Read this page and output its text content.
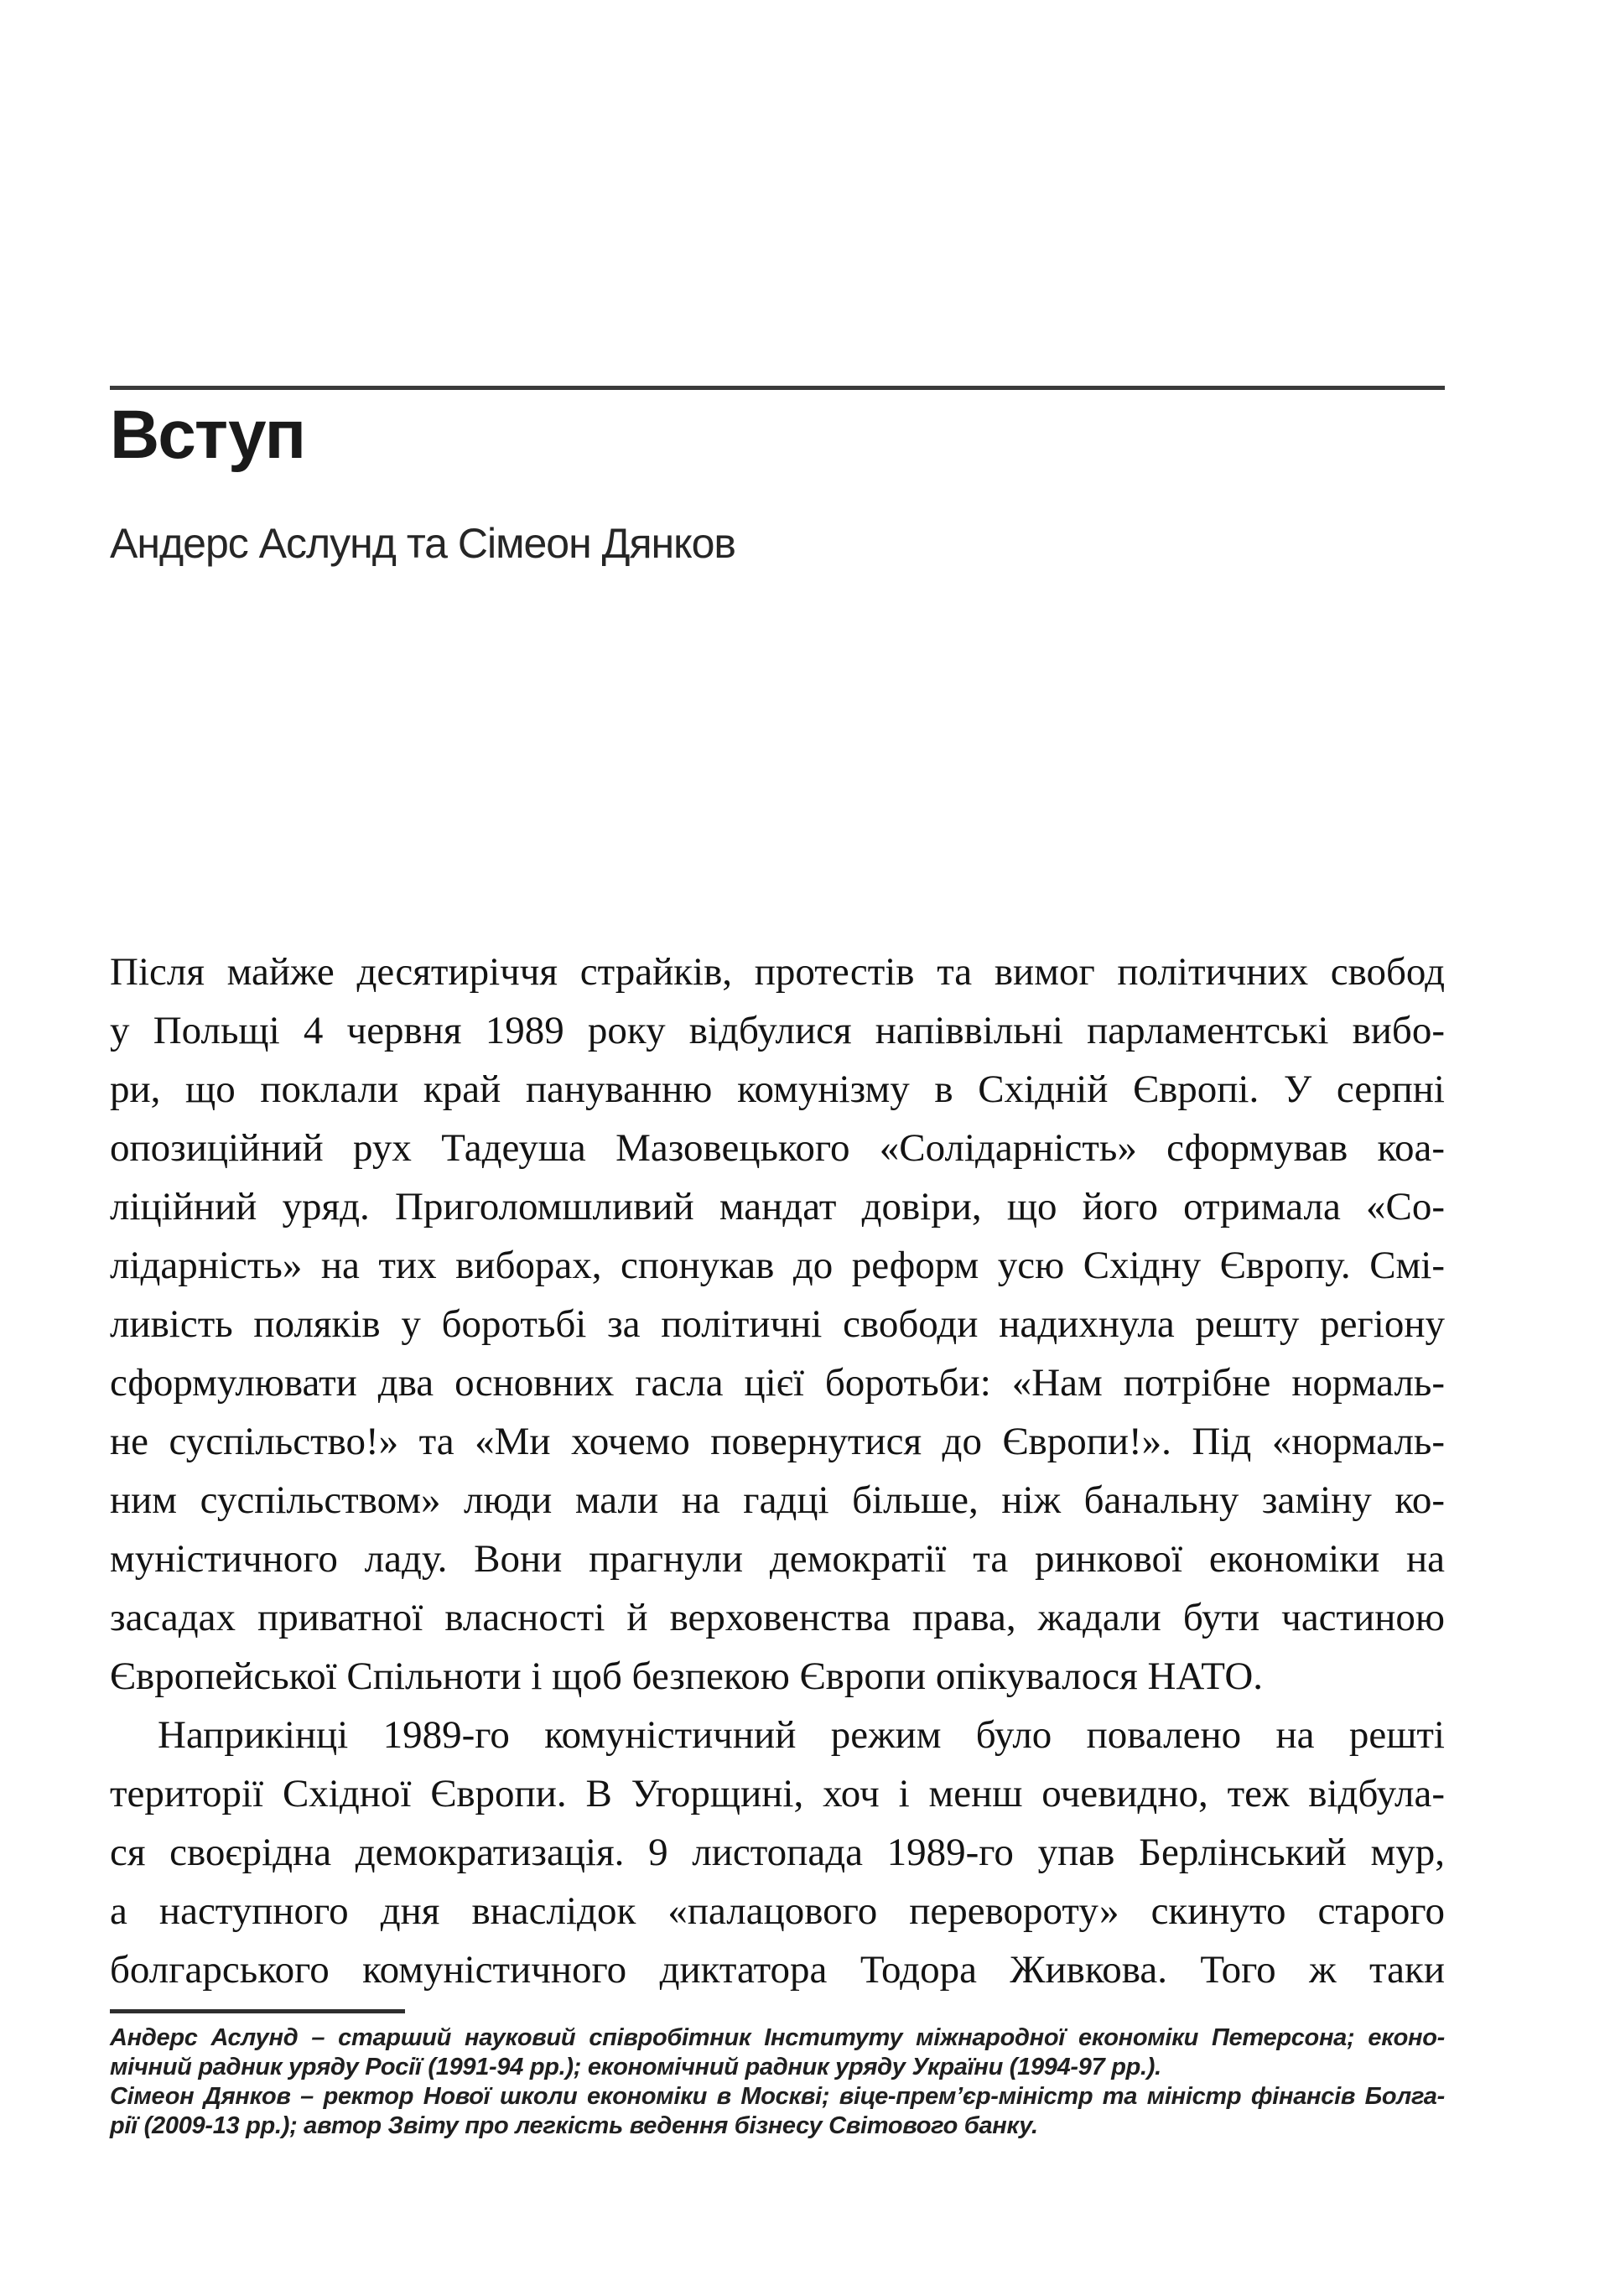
Вступ
Андерс Аслунд та Сімеон Дянков
Після майже десятиріччя страйків, протестів та вимог політичних свобод
у Польщі 4 червня 1989 року відбулися напіввільні парламентські вибо-
ри, що поклали край пануванню комунізму в Східній Європі. У серпні
опозиційний рух Тадеуша Мазовецького «Солідарність» сформував коа-
ліційний уряд. Приголомшливий мандат довіри, що його отримала «Со-
лідарність» на тих виборах, спонукав до реформ усю Східну Європу. Смі-
ливість поляків у боротьбі за політичні свободи надихнула решту регіону
сформулювати два основних гасла цієї боротьби: «Нам потрібне нормаль-
не суспільство!» та «Ми хочемо повернутися до Європи!». Під «нормаль-
ним суспільством» люди мали на гадці більше, ніж банальну заміну ко-
муністичного ладу. Вони прагнули демократії та ринкової економіки на
засадах приватної власності й верховенства права, жадали бути частиною
Європейської Спільноти і щоб безпекою Європи опікувалося НАТО.
Наприкінці 1989-го комуністичний режим було повалено на решті
території Східної Європи. В Угорщині, хоч і менш очевидно, теж відбула-
ся своєрідна демократизація. 9 листопада 1989-го упав Берлінський мур,
а наступного дня внаслідок «палацового перевороту» скинуто старого
болгарського комуністичного диктатора Тодора Живкова. Того ж таки
Андерс Аслунд – старший науковий співробітник Інституту міжнародної економіки Петерсона; еконо-
мічний радник уряду Росії (1991-94 рр.); економічний радник уряду України (1994-97 рр.).
Сімеон Дянков – ректор Нової школи економіки в Москві; віце-прем’єр-міністр та міністр фінансів Болга-
рії (2009-13 рр.); автор Звіту про легкість ведення бізнесу Світового банку.
